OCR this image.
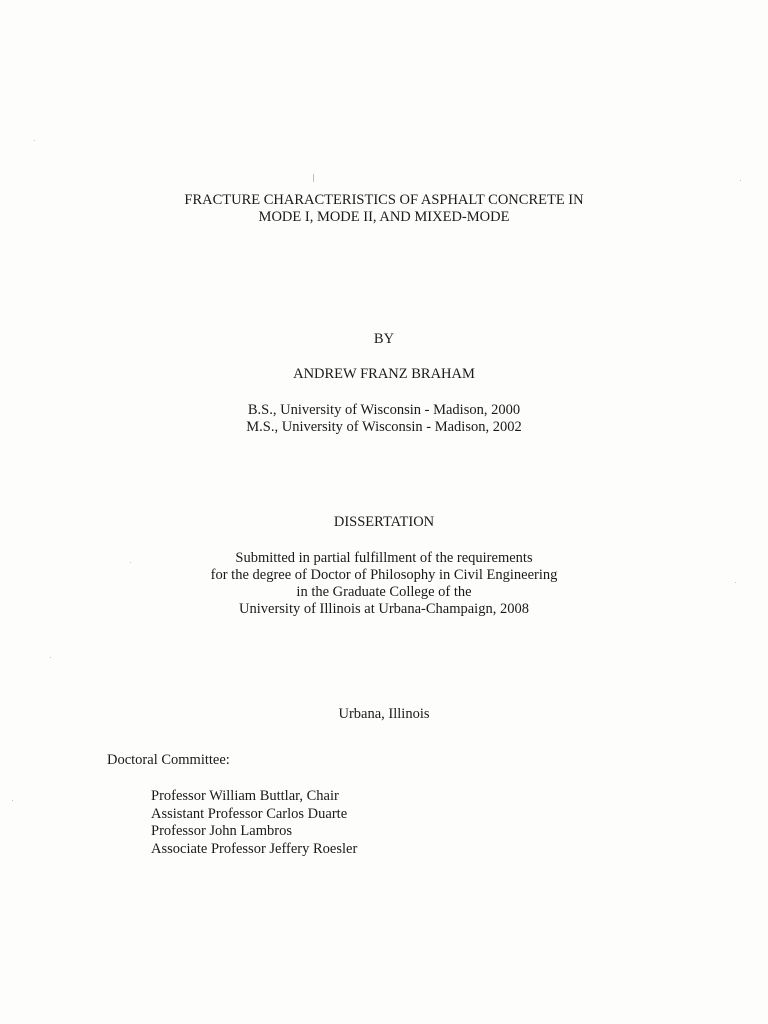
FRACTURE CHARACTERISTICS OF ASPHALT CONCRETE IN
MODE I, MODE II, AND MIXED-MODE
BY
ANDREW FRANZ BRAHAM
B.S., University of Wisconsin - Madison, 2000
M.S., University of Wisconsin - Madison, 2002
DISSERTATION
Submitted in partial fulfillment of the requirements
for the degree of Doctor of Philosophy in Civil Engineering
in the Graduate College of the
University of Illinois at Urbana-Champaign, 2008
Urbana, Illinois
Doctoral Committee:
Professor William Buttlar, Chair
Assistant Professor Carlos Duarte
Professor John Lambros
Associate Professor Jeffery Roesler
